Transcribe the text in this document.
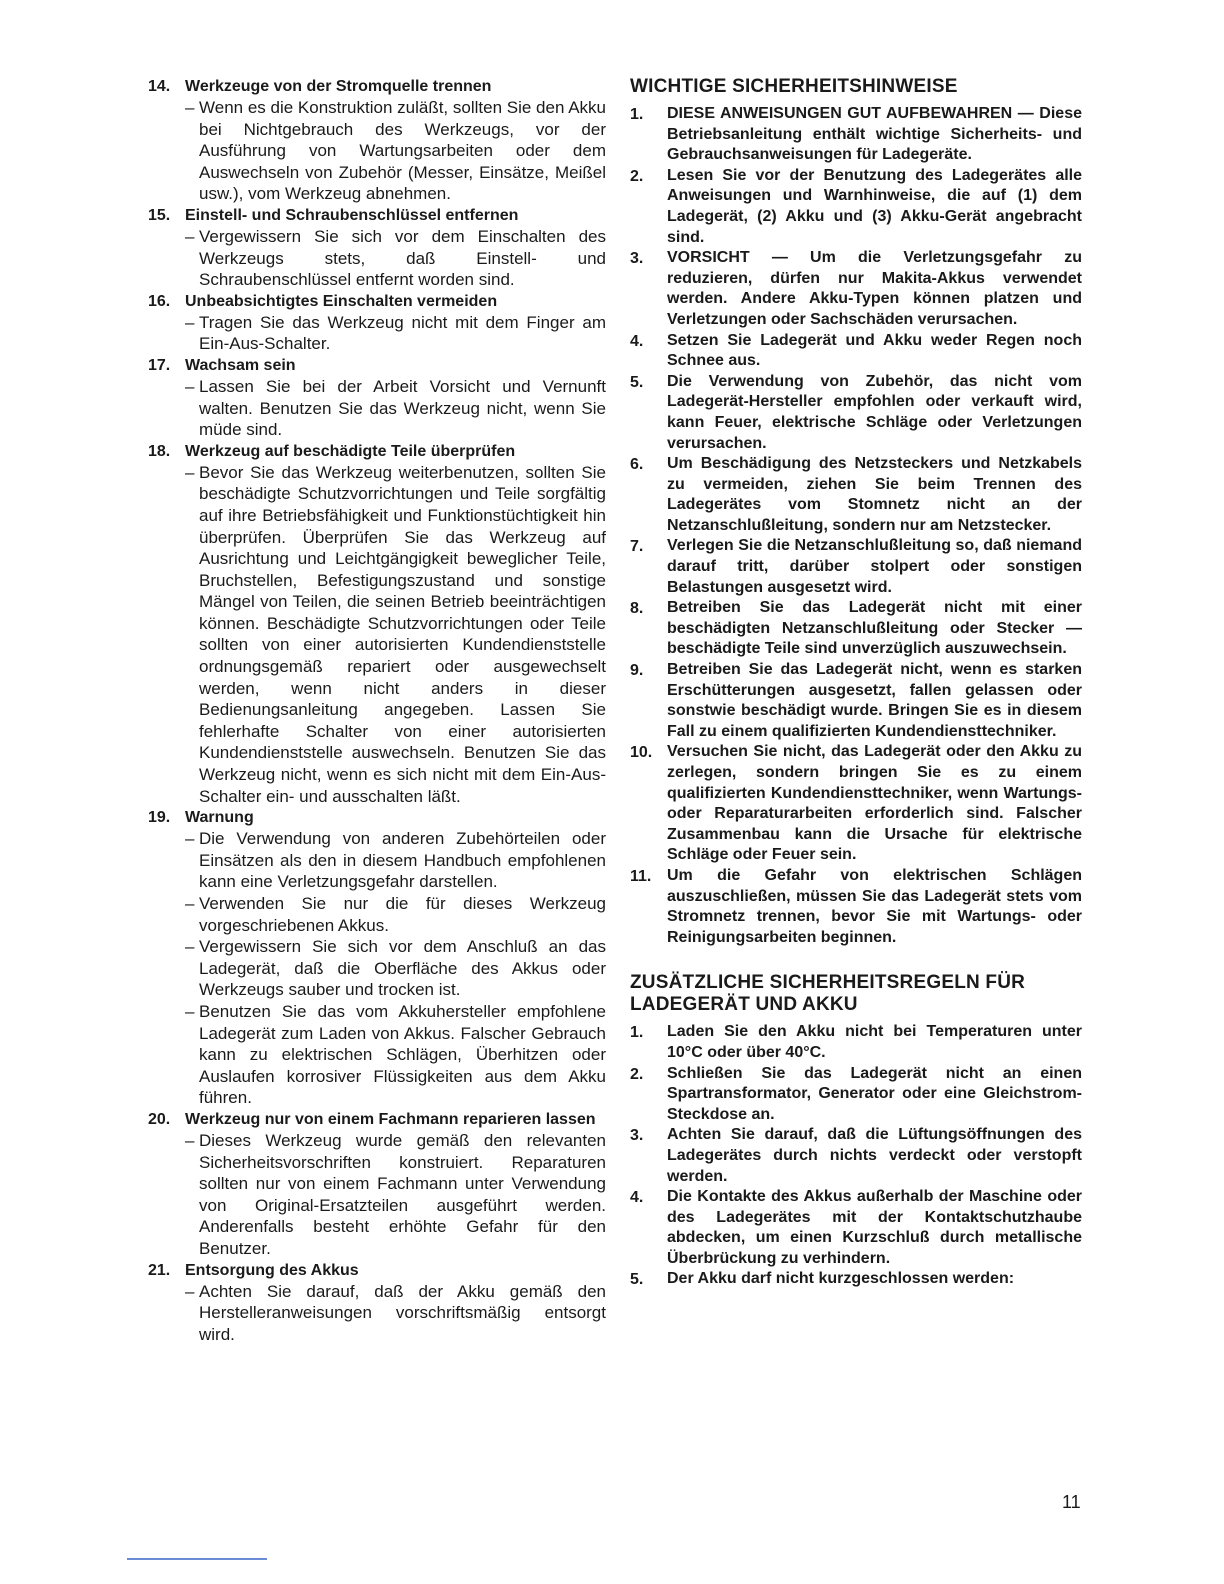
14. Werkzeuge von der Stromquelle trennen

– Wenn es die Konstruktion zuläßt, sollten Sie den Akku bei Nichtgebrauch des Werkzeugs, vor der Ausführung von Wartungsarbeiten oder dem Auswechseln von Zubehör (Messer, Einsätze, Meißel usw.), vom Werkzeug abnehmen.
15. Einstell- und Schraubenschlüssel entfernen

– Vergewissern Sie sich vor dem Einschalten des Werkzeugs stets, daß Einstell- und Schraubenschlüssel entfernt worden sind.
16. Unbeabsichtigtes Einschalten vermeiden

– Tragen Sie das Werkzeug nicht mit dem Finger am Ein-Aus-Schalter.
17. Wachsam sein

– Lassen Sie bei der Arbeit Vorsicht und Vernunft walten. Benutzen Sie das Werkzeug nicht, wenn Sie müde sind.
18. Werkzeug auf beschädigte Teile überprüfen

– Bevor Sie das Werkzeug weiterbenutzen, sollten Sie beschädigte Schutzvorrichtungen und Teile sorgfältig auf ihre Betriebsfähigkeit und Funktionstüchtigkeit hin überprüfen. Überprüfen Sie das Werkzeug auf Ausrichtung und Leichtgängigkeit beweglicher Teile, Bruchstellen, Befestigungszustand und sonstige Mängel von Teilen, die seinen Betrieb beeinträchtigen können. Beschädigte Schutzvorrichtungen oder Teile sollten von einer autorisierten Kundendienststelle ordnungsgemäß repariert oder ausgewechselt werden, wenn nicht anders in dieser Bedienungsanleitung angegeben. Lassen Sie fehlerhafte Schalter von einer autorisierten Kundendienststelle auswechseln. Benutzen Sie das Werkzeug nicht, wenn es sich nicht mit dem Ein-Aus-Schalter ein- und ausschalten läßt.
19. Warnung

– Die Verwendung von anderen Zubehörteilen oder Einsätzen als den in diesem Handbuch empfohlenen kann eine Verletzungsgefahr darstellen.
– Verwenden Sie nur die für dieses Werkzeug vorgeschriebenen Akkus.
– Vergewissern Sie sich vor dem Anschluß an das Ladegerät, daß die Oberfläche des Akkus oder Werkzeugs sauber und trocken ist.
– Benutzen Sie das vom Akkuhersteller empfohlene Ladegerät zum Laden von Akkus. Falscher Gebrauch kann zu elektrischen Schlägen, Überhitzen oder Auslaufen korrosiver Flüssigkeiten aus dem Akku führen.
20. Werkzeug nur von einem Fachmann reparieren lassen

– Dieses Werkzeug wurde gemäß den relevanten Sicherheitsvorschriften konstruiert. Reparaturen sollten nur von einem Fachmann unter Verwendung von Original-Ersatzteilen ausgeführt werden. Anderenfalls besteht erhöhte Gefahr für den Benutzer.
21. Entsorgung des Akkus

– Achten Sie darauf, daß der Akku gemäß den Herstelleranweisungen vorschriftsmäßig entsorgt wird.
WICHTIGE SICHERHEITSHINWEISE

1. DIESE ANWEISUNGEN GUT AUFBEWAHREN — Diese Betriebsanleitung enthält wichtige Sicherheits- und Gebrauchsanweisungen für Ladegeräte.

2. Lesen Sie vor der Benutzung des Ladegerätes alle Anweisungen und Warnhinweise, die auf (1) dem Ladegerät, (2) Akku und (3) Akku-Gerät angebracht sind.

3. VORSICHT — Um die Verletzungsgefahr zu reduzieren, dürfen nur Makita-Akkus verwendet werden. Andere Akku-Typen können platzen und Verletzungen oder Sachschäden verursachen.

4. Setzen Sie Ladegerät und Akku weder Regen noch Schnee aus.

5. Die Verwendung von Zubehör, das nicht vom Ladegerät-Hersteller empfohlen oder verkauft wird, kann Feuer, elektrische Schläge oder Verletzungen verursachen.

6. Um Beschädigung des Netzsteckers und Netzkabels zu vermeiden, ziehen Sie beim Trennen des Ladegerätes vom Stomnetz nicht an der Netzanschlußleitung, sondern nur am Netzstecker.

7. Verlegen Sie die Netzanschlußleitung so, daß niemand darauf tritt, darüber stolpert oder sonstigen Belastungen ausgesetzt wird.

8. Betreiben Sie das Ladegerät nicht mit einer beschädigten Netzanschlußleitung oder Stecker — beschädigte Teile sind unverzüglich auszuwechsein.

9. Betreiben Sie das Ladegerät nicht, wenn es starken Erschütterungen ausgesetzt, fallen gelassen oder sonstwie beschädigt wurde. Bringen Sie es in diesem Fall zu einem qualifizierten Kundendiensttechniker.

10. Versuchen Sie nicht, das Ladegerät oder den Akku zu zerlegen, sondern bringen Sie es zu einem qualifizierten Kundendiensttechniker, wenn Wartungs- oder Reparaturarbeiten erforderlich sind. Falscher Zusammenbau kann die Ursache für elektrische Schläge oder Feuer sein.

11. Um die Gefahr von elektrischen Schlägen auszuschließen, müssen Sie das Ladegerät stets vom Stromnetz trennen, bevor Sie mit Wartungs- oder Reinigungsarbeiten beginnen.

ZUSÄTZLICHE SICHERHEITSREGELN FÜR
LADEGERÄT UND AKKU

1. Laden Sie den Akku nicht bei Temperaturen unter 10°C oder über 40°C.

2. Schließen Sie das Ladegerät nicht an einen Spartransformator, Generator oder eine Gleichstrom-Steckdose an.

3. Achten Sie darauf, daß die Lüftungsöffnungen des Ladegerätes durch nichts verdeckt oder verstopft werden.

4. Die Kontakte des Akkus außerhalb der Maschine oder des Ladegerätes mit der Kontaktschutzhaube abdecken, um einen Kurzschluß durch metallische Überbrückung zu verhindern.

5. Der Akku darf nicht kurzgeschlossen werden:

11
